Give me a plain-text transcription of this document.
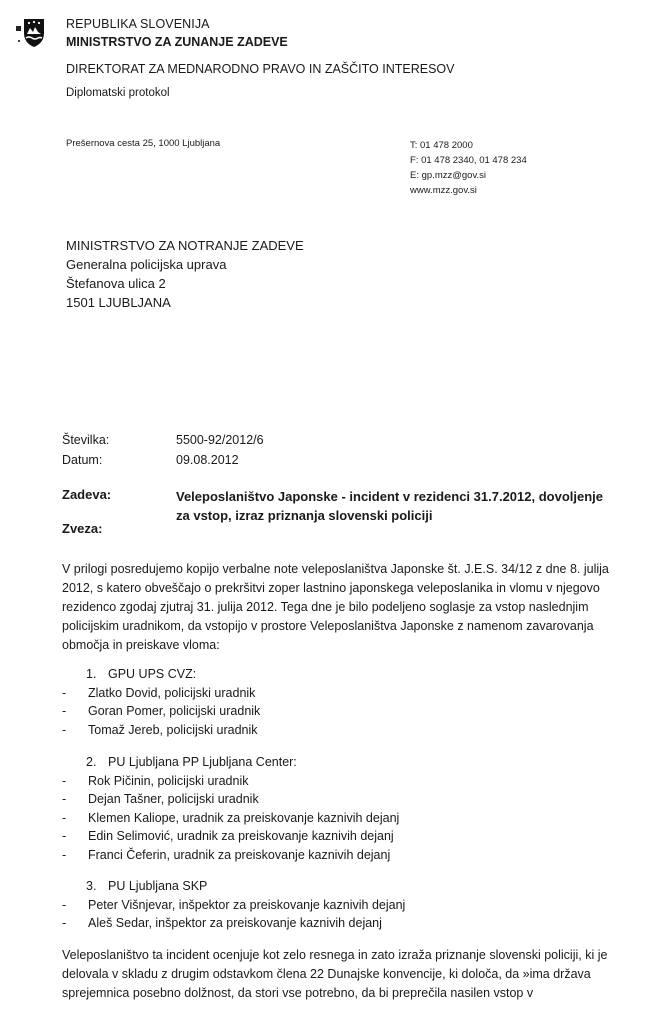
REPUBLIKA SLOVENIJA
MINISTRSTVO ZA ZUNANJE ZADEVE
DIREKTORAT ZA MEDNARODNO PRAVO IN ZAŠČITO INTERESOV
Diplomatski protokol
Prešernova cesta 25, 1000 Ljubljana	T: 01 478 2000
F: 01 478 2340, 01 478 234
E: gp.mzz@gov.si
www.mzz.gov.si
MINISTRSTVO ZA NOTRANJE ZADEVE
Generalna policijska uprava
Štefanova ulica 2
1501 LJUBLJANA
Številka:	5500-92/2012/6
Datum:	09.08.2012
Zadeva:	Veleposlaništvo Japonske - incident v rezidenci 31.7.2012, dovoljenje za vstop, izraz priznanja slovenski policiji
Zveza:
V prilogi posredujemo kopijo verbalne note veleposlaništva Japonske št. J.E.S. 34/12 z dne 8. julija 2012, s katero obveščajo o prekršitvi zoper lastnino japonskega veleposlanika in vlomu v njegovo rezidenco zgodaj zjutraj 31. julija 2012. Tega dne je bilo podeljeno soglasje za vstop naslednjim policijskim uradnikom, da vstopijo v prostore Veleposlaništva Japonske z namenom zavarovanja območja in preiskave vloma:
1. GPU UPS CVZ:
- Zlatko Dovid, policijski uradnik
- Goran Pomer, policijski uradnik
- Tomaž Jereb, policijski uradnik
2. PU Ljubljana PP Ljubljana Center:
- Rok Pičinin, policijski uradnik
- Dejan Tašner, policijski uradnik
- Klemen Kaliope, uradnik za preiskovanje kaznivih dejanj
- Edin Selimović, uradnik za preiskovanje kaznivih dejanj
- Franci Čeferin, uradnik za preiskovanje kaznivih dejanj
3. PU Ljubljana SKP
- Peter Višnjevar, inšpektor za preiskovanje kaznivih dejanj
- Aleš Sedar, inšpektor za preiskovanje kaznivih dejanj
Veleposlaništvo ta incident ocenjuje kot zelo resnega in zato izraža priznanje slovenski policiji, ki je delovala v skladu z drugim odstavkom člena 22 Dunajske konvencije, ki določa, da »ima država sprejemnica posebno dolžnost, da stori vse potrebno, da bi preprečila nasilen vstop v
